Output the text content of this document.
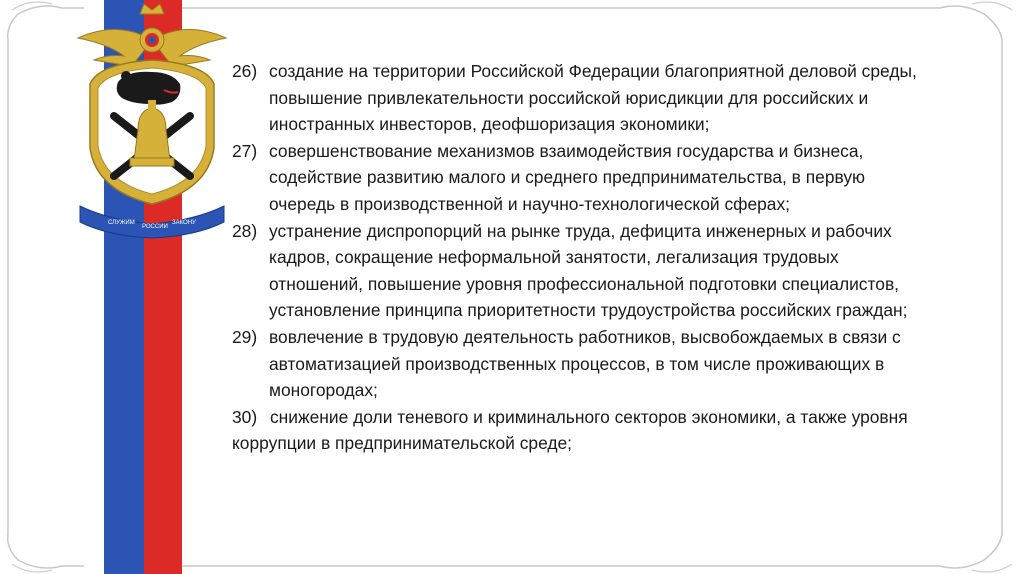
СЛУЖИМ
РОССИИ
ЗАКОНУ

26) создание на территории Российской Федерации благоприятной деловой среды, повышение привлекательности российской юрисдикции для российских и иностранных инвесторов, деофшоризация экономики;

27) совершенствование механизмов взаимодействия государства и бизнеса, содействие развитию малого и среднего предпринимательства, в первую очередь в производственной и научно-технологической сферах;

28) устранение диспропорций на рынке труда, дефицита инженерных и рабочих кадров, сокращение неформальной занятости, легализация трудовых отношений, повышение уровня профессиональной подготовки специалистов, установление принципа приоритетности трудоустройства российских граждан;

29) вовлечение в трудовую деятельность работников, высвобождаемых в связи с автоматизацией производственных процессов, в том числе проживающих в моногородах;

30) снижение доли теневого и криминального секторов экономики, а также уровня коррупции в предпринимательской среде;
